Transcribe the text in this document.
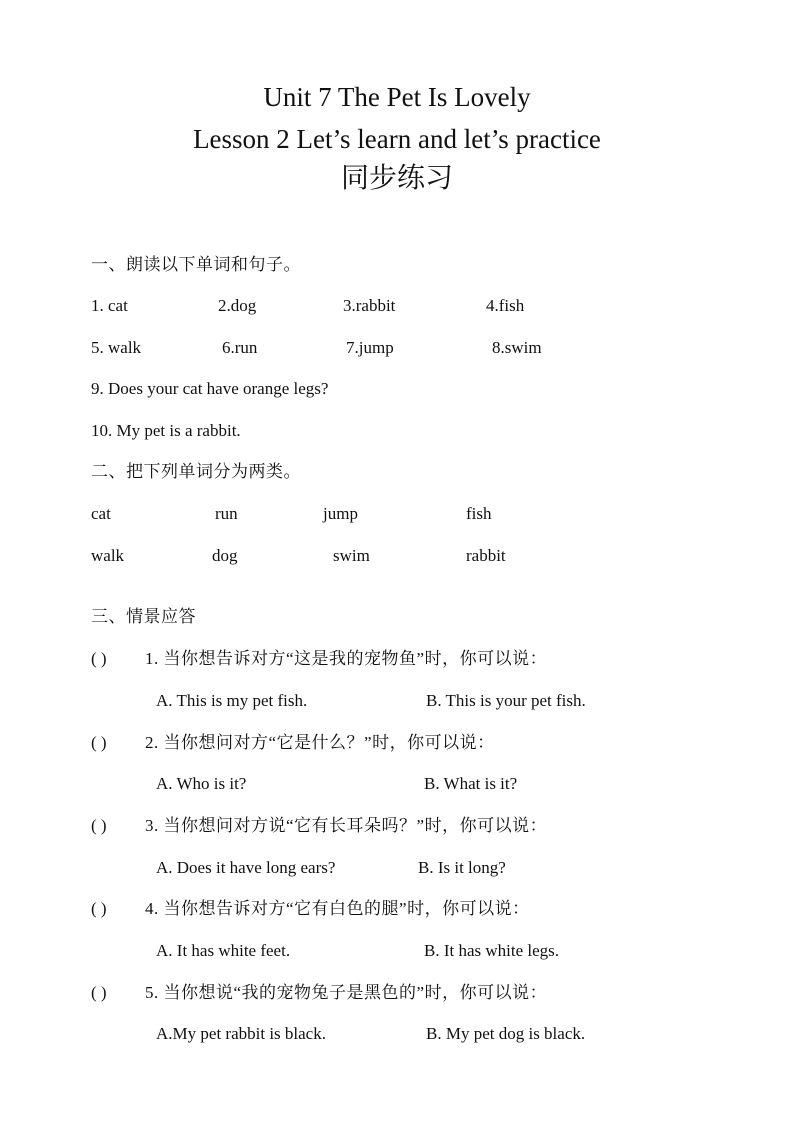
Unit 7 The Pet Is Lovely
Lesson 2 Let’s learn and let’s practice
同步练习
一、朗读以下单词和句子。
1. cat	2.dog	3.rabbit	4.fish
5. walk	6.run	7.jump	8.swim
9. Does your cat have orange legs?
10. My pet is a rabbit.
二、把下列单词分为两类。
cat	run	jump	fish
walk	dog	swim	rabbit
三、情景应答
( ) 1. 当你想告诉对方“这是我的宠物鱼”时，你可以说：
A. This is my pet fish.	B. This is your pet fish.
( ) 2. 当你想问对方“它是什么？”时，你可以说：
A. Who is it?	B. What is it?
( ) 3. 当你想问对方说“它有长耳朵吗？”时，你可以说：
A. Does it have long ears?	B. Is it long?
( ) 4. 当你想告诉对方“它有白色的腿”时，你可以说：
A. It has white feet.	B. It has white legs.
( ) 5. 当你想说“我的宠物兔子是黑色的”时，你可以说：
A.My pet rabbit is black.	B. My pet dog is black.
